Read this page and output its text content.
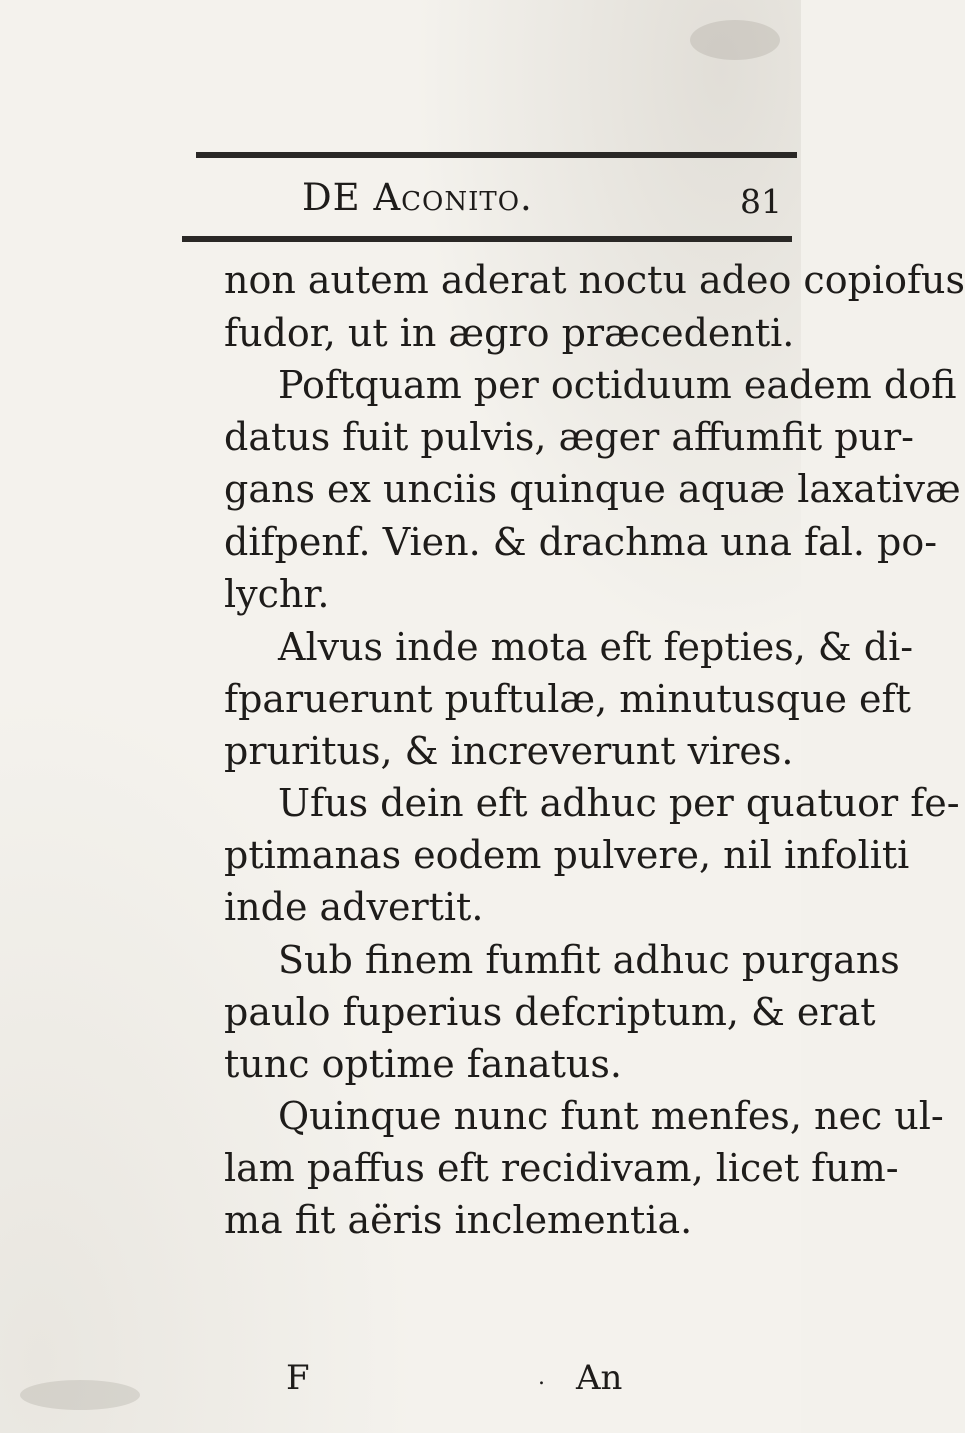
DE Aconito.	81
non autem aderat noctu adeo copiofus
fudor, ut in ægro præcedenti.
Poftquam per octiduum eadem dofi
datus fuit pulvis, æger affumfit pur-
gans ex unciis quinque aquæ laxativæ
difpenf. Vien. & drachma una fal. po-
lychr.
Alvus inde mota eft fepties, & di-
fparuerunt puftulæ, minutusque eft
pruritus, & increverunt vires.
Ufus dein eft adhuc per quatuor fe-
ptimanas eodem pulvere, nil infoliti
inde advertit.
Sub finem fumfit adhuc purgans
paulo fuperius defcriptum, & erat
tunc optime fanatus.
Quinque nunc funt menfes, nec ul-
lam paffus eft recidivam, licet fum-
ma fit aëris inclementia.
F	. An
